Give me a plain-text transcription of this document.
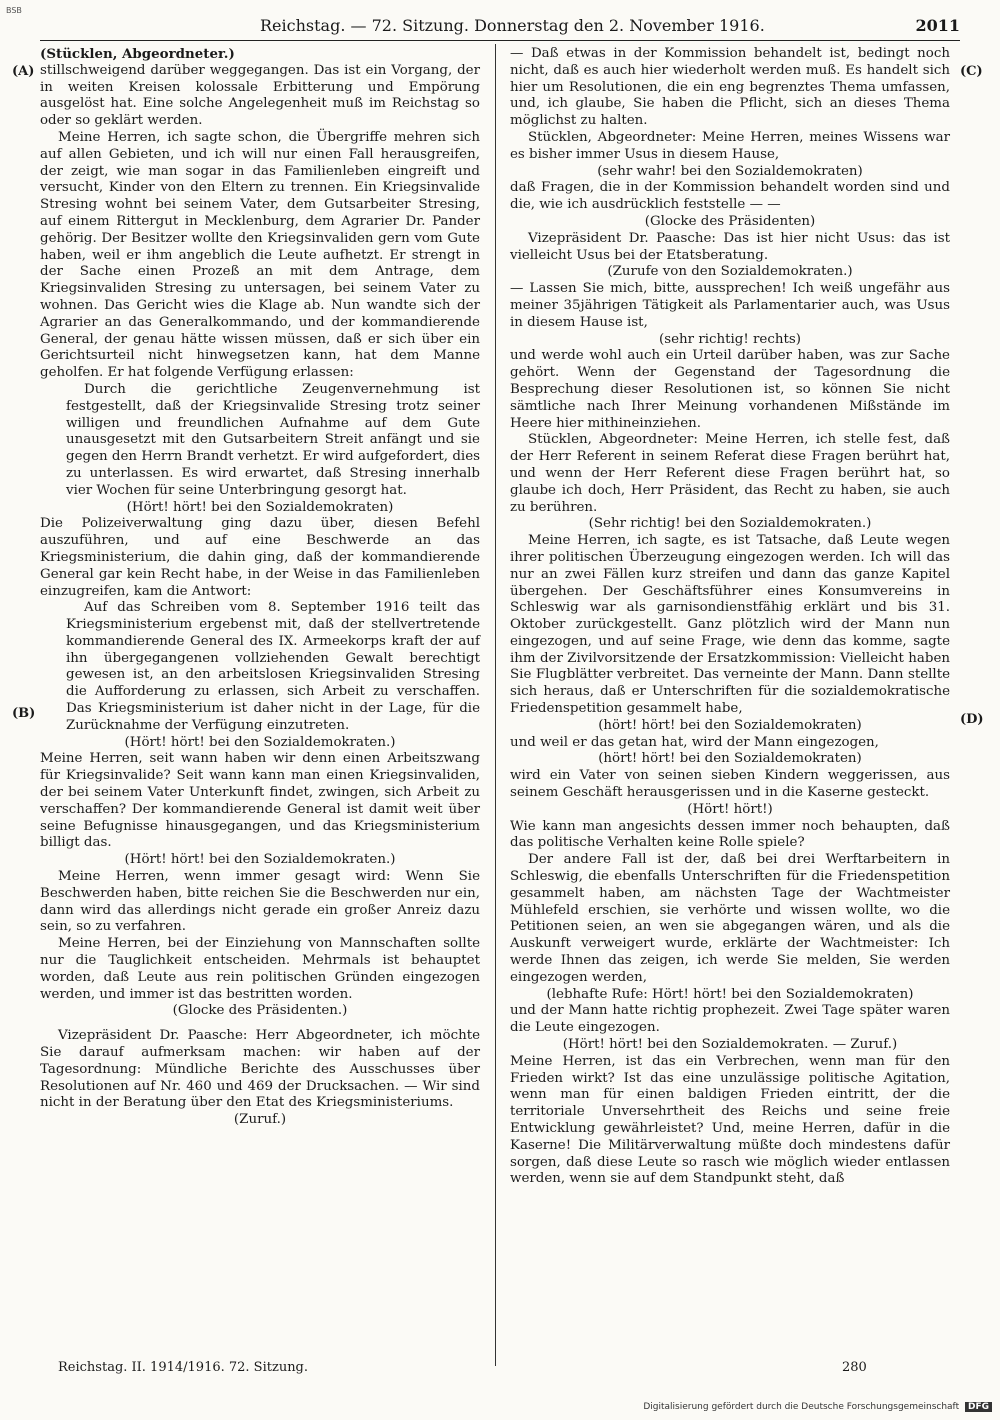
BSB
Reichstag. — 72. Sitzung. Donnerstag den 2. November 1916.	2011
(A)
(B)
(C)
(D)

(Stücklen, Abgeordneter.)

stillschweigend darüber weggegangen. Das ist ein Vorgang, der in weiten Kreisen kolossale Erbitterung und Empörung ausgelöst hat. Eine solche Angelegenheit muß im Reichstag so oder so geklärt werden.

Meine Herren, ich sagte schon, die Übergriffe mehren sich auf allen Gebieten, und ich will nur einen Fall herausgreifen, der zeigt, wie man sogar in das Familienleben eingreift und versucht, Kinder von den Eltern zu trennen. Ein Kriegsinvalide Stresing wohnt bei seinem Vater, dem Gutsarbeiter Stresing, auf einem Rittergut in Mecklenburg, dem Agrarier Dr. Pander gehörig. Der Besitzer wollte den Kriegsinvaliden gern vom Gute haben, weil er ihm angeblich die Leute aufhetzt. Er strengt in der Sache einen Prozeß an mit dem Antrage, dem Kriegsinvaliden Stresing zu untersagen, bei seinem Vater zu wohnen. Das Gericht wies die Klage ab. Nun wandte sich der Agrarier an das Generalkommando, und der kommandierende General, der genau hätte wissen müssen, daß er sich über ein Gerichtsurteil nicht hinwegsetzen kann, hat dem Manne geholfen. Er hat folgende Verfügung erlassen:

Durch die gerichtliche Zeugenvernehmung ist festgestellt, daß der Kriegsinvalide Stresing trotz seiner willigen und freundlichen Aufnahme auf dem Gute unausgesetzt mit den Gutsarbeitern Streit anfängt und sie gegen den Herrn Brandt verhetzt. Er wird aufgefordert, dies zu unterlassen. Es wird erwartet, daß Stresing innerhalb vier Wochen für seine Unterbringung gesorgt hat.

(Hört! hört! bei den Sozialdemokraten)

Die Polizeiverwaltung ging dazu über, diesen Befehl auszuführen, und auf eine Beschwerde an das Kriegsministerium, die dahin ging, daß der kommandierende General gar kein Recht habe, in der Weise in das Familienleben einzugreifen, kam die Antwort:

Auf das Schreiben vom 8. September 1916 teilt das Kriegsministerium ergebenst mit, daß der stellvertretende kommandierende General des IX. Armeekorps kraft der auf ihn übergegangenen vollziehenden Gewalt berechtigt gewesen ist, an den arbeitslosen Kriegsinvaliden Stresing die Aufforderung zu erlassen, sich Arbeit zu verschaffen. Das Kriegsministerium ist daher nicht in der Lage, für die Zurücknahme der Verfügung einzutreten.

(Hört! hört! bei den Sozialdemokraten.)

Meine Herren, seit wann haben wir denn einen Arbeitszwang für Kriegsinvalide? Seit wann kann man einen Kriegsinvaliden, der bei seinem Vater Unterkunft findet, zwingen, sich Arbeit zu verschaffen? Der kommandierende General ist damit weit über seine Befugnisse hinausgegangen, und das Kriegsministerium billigt das.

(Hört! hört! bei den Sozialdemokraten.)

Meine Herren, wenn immer gesagt wird: Wenn Sie Beschwerden haben, bitte reichen Sie die Beschwerden nur ein, dann wird das allerdings nicht gerade ein großer Anreiz dazu sein, so zu verfahren.

Meine Herren, bei der Einziehung von Mannschaften sollte nur die Tauglichkeit entscheiden. Mehrmals ist behauptet worden, daß Leute aus rein politischen Gründen eingezogen werden, und immer ist das bestritten worden.

(Glocke des Präsidenten.)

Vizepräsident Dr. Paasche: Herr Abgeordneter, ich möchte Sie darauf aufmerksam machen: wir haben auf der Tagesordnung: Mündliche Berichte des Ausschusses über Resolutionen auf Nr. 460 und 469 der Drucksachen. — Wir sind nicht in der Beratung über den Etat des Kriegsministeriums.

(Zuruf.)

— Daß etwas in der Kommission behandelt ist, bedingt noch nicht, daß es auch hier wiederholt werden muß. Es handelt sich hier um Resolutionen, die ein eng begrenztes Thema umfassen, und, ich glaube, Sie haben die Pflicht, sich an dieses Thema möglichst zu halten.

Stücklen, Abgeordneter: Meine Herren, meines Wissens war es bisher immer Usus in diesem Hause,

(sehr wahr! bei den Sozialdemokraten)

daß Fragen, die in der Kommission behandelt worden sind und die, wie ich ausdrücklich feststelle — —

(Glocke des Präsidenten)

Vizepräsident Dr. Paasche: Das ist hier nicht Usus: das ist vielleicht Usus bei der Etatsberatung.

(Zurufe von den Sozialdemokraten.)

— Lassen Sie mich, bitte, aussprechen! Ich weiß ungefähr aus meiner 35jährigen Tätigkeit als Parlamentarier auch, was Usus in diesem Hause ist,

(sehr richtig! rechts)

und werde wohl auch ein Urteil darüber haben, was zur Sache gehört. Wenn der Gegenstand der Tagesordnung die Besprechung dieser Resolutionen ist, so können Sie nicht sämtliche nach Ihrer Meinung vorhandenen Mißstände im Heere hier mithineinziehen.

Stücklen, Abgeordneter: Meine Herren, ich stelle fest, daß der Herr Referent in seinem Referat diese Fragen berührt hat, und wenn der Herr Referent diese Fragen berührt hat, so glaube ich doch, Herr Präsident, das Recht zu haben, sie auch zu berühren.

(Sehr richtig! bei den Sozialdemokraten.)

Meine Herren, ich sagte, es ist Tatsache, daß Leute wegen ihrer politischen Überzeugung eingezogen werden. Ich will das nur an zwei Fällen kurz streifen und dann das ganze Kapitel übergehen. Der Geschäftsführer eines Konsumvereins in Schleswig war als garnisondienstfähig erklärt und bis 31. Oktober zurückgestellt. Ganz plötzlich wird der Mann nun eingezogen, und auf seine Frage, wie denn das komme, sagte ihm der Zivilvorsitzende der Ersatzkommission: Vielleicht haben Sie Flugblätter verbreitet. Das verneinte der Mann. Dann stellte sich heraus, daß er Unterschriften für die sozialdemokratische Friedenspetition gesammelt habe,

(hört! hört! bei den Sozialdemokraten)

und weil er das getan hat, wird der Mann eingezogen,

(hört! hört! bei den Sozialdemokraten)

wird ein Vater von seinen sieben Kindern weggerissen, aus seinem Geschäft herausgerissen und in die Kaserne gesteckt.

(Hört! hört!)

Wie kann man angesichts dessen immer noch behaupten, daß das politische Verhalten keine Rolle spiele?

Der andere Fall ist der, daß bei drei Werftarbeitern in Schleswig, die ebenfalls Unterschriften für die Friedenspetition gesammelt haben, am nächsten Tage der Wachtmeister Mühlefeld erschien, sie verhörte und wissen wollte, wo die Petitionen seien, an wen sie abgegangen wären, und als die Auskunft verweigert wurde, erklärte der Wachtmeister: Ich werde Ihnen das zeigen, ich werde Sie melden, Sie werden eingezogen werden,

(lebhafte Rufe: Hört! hört! bei den Sozialdemokraten)

und der Mann hatte richtig prophezeit. Zwei Tage später waren die Leute eingezogen.

(Hört! hört! bei den Sozialdemokraten. — Zuruf.)

Meine Herren, ist das ein Verbrechen, wenn man für den Frieden wirkt? Ist das eine unzulässige politische Agitation, wenn man für einen baldigen Frieden eintritt, der die territoriale Unversehrtheit des Reichs und seine freie Entwicklung gewährleistet? Und, meine Herren, dafür in die Kaserne! Die Militärverwaltung müßte doch mindestens dafür sorgen, daß diese Leute so rasch wie möglich wieder entlassen werden, wenn sie auf dem Standpunkt steht, daß

Reichstag. II. 1914/1916. 72. Sitzung.	280
Digitalisierung gefördert durch die Deutsche Forschungsgemeinschaft DFG
